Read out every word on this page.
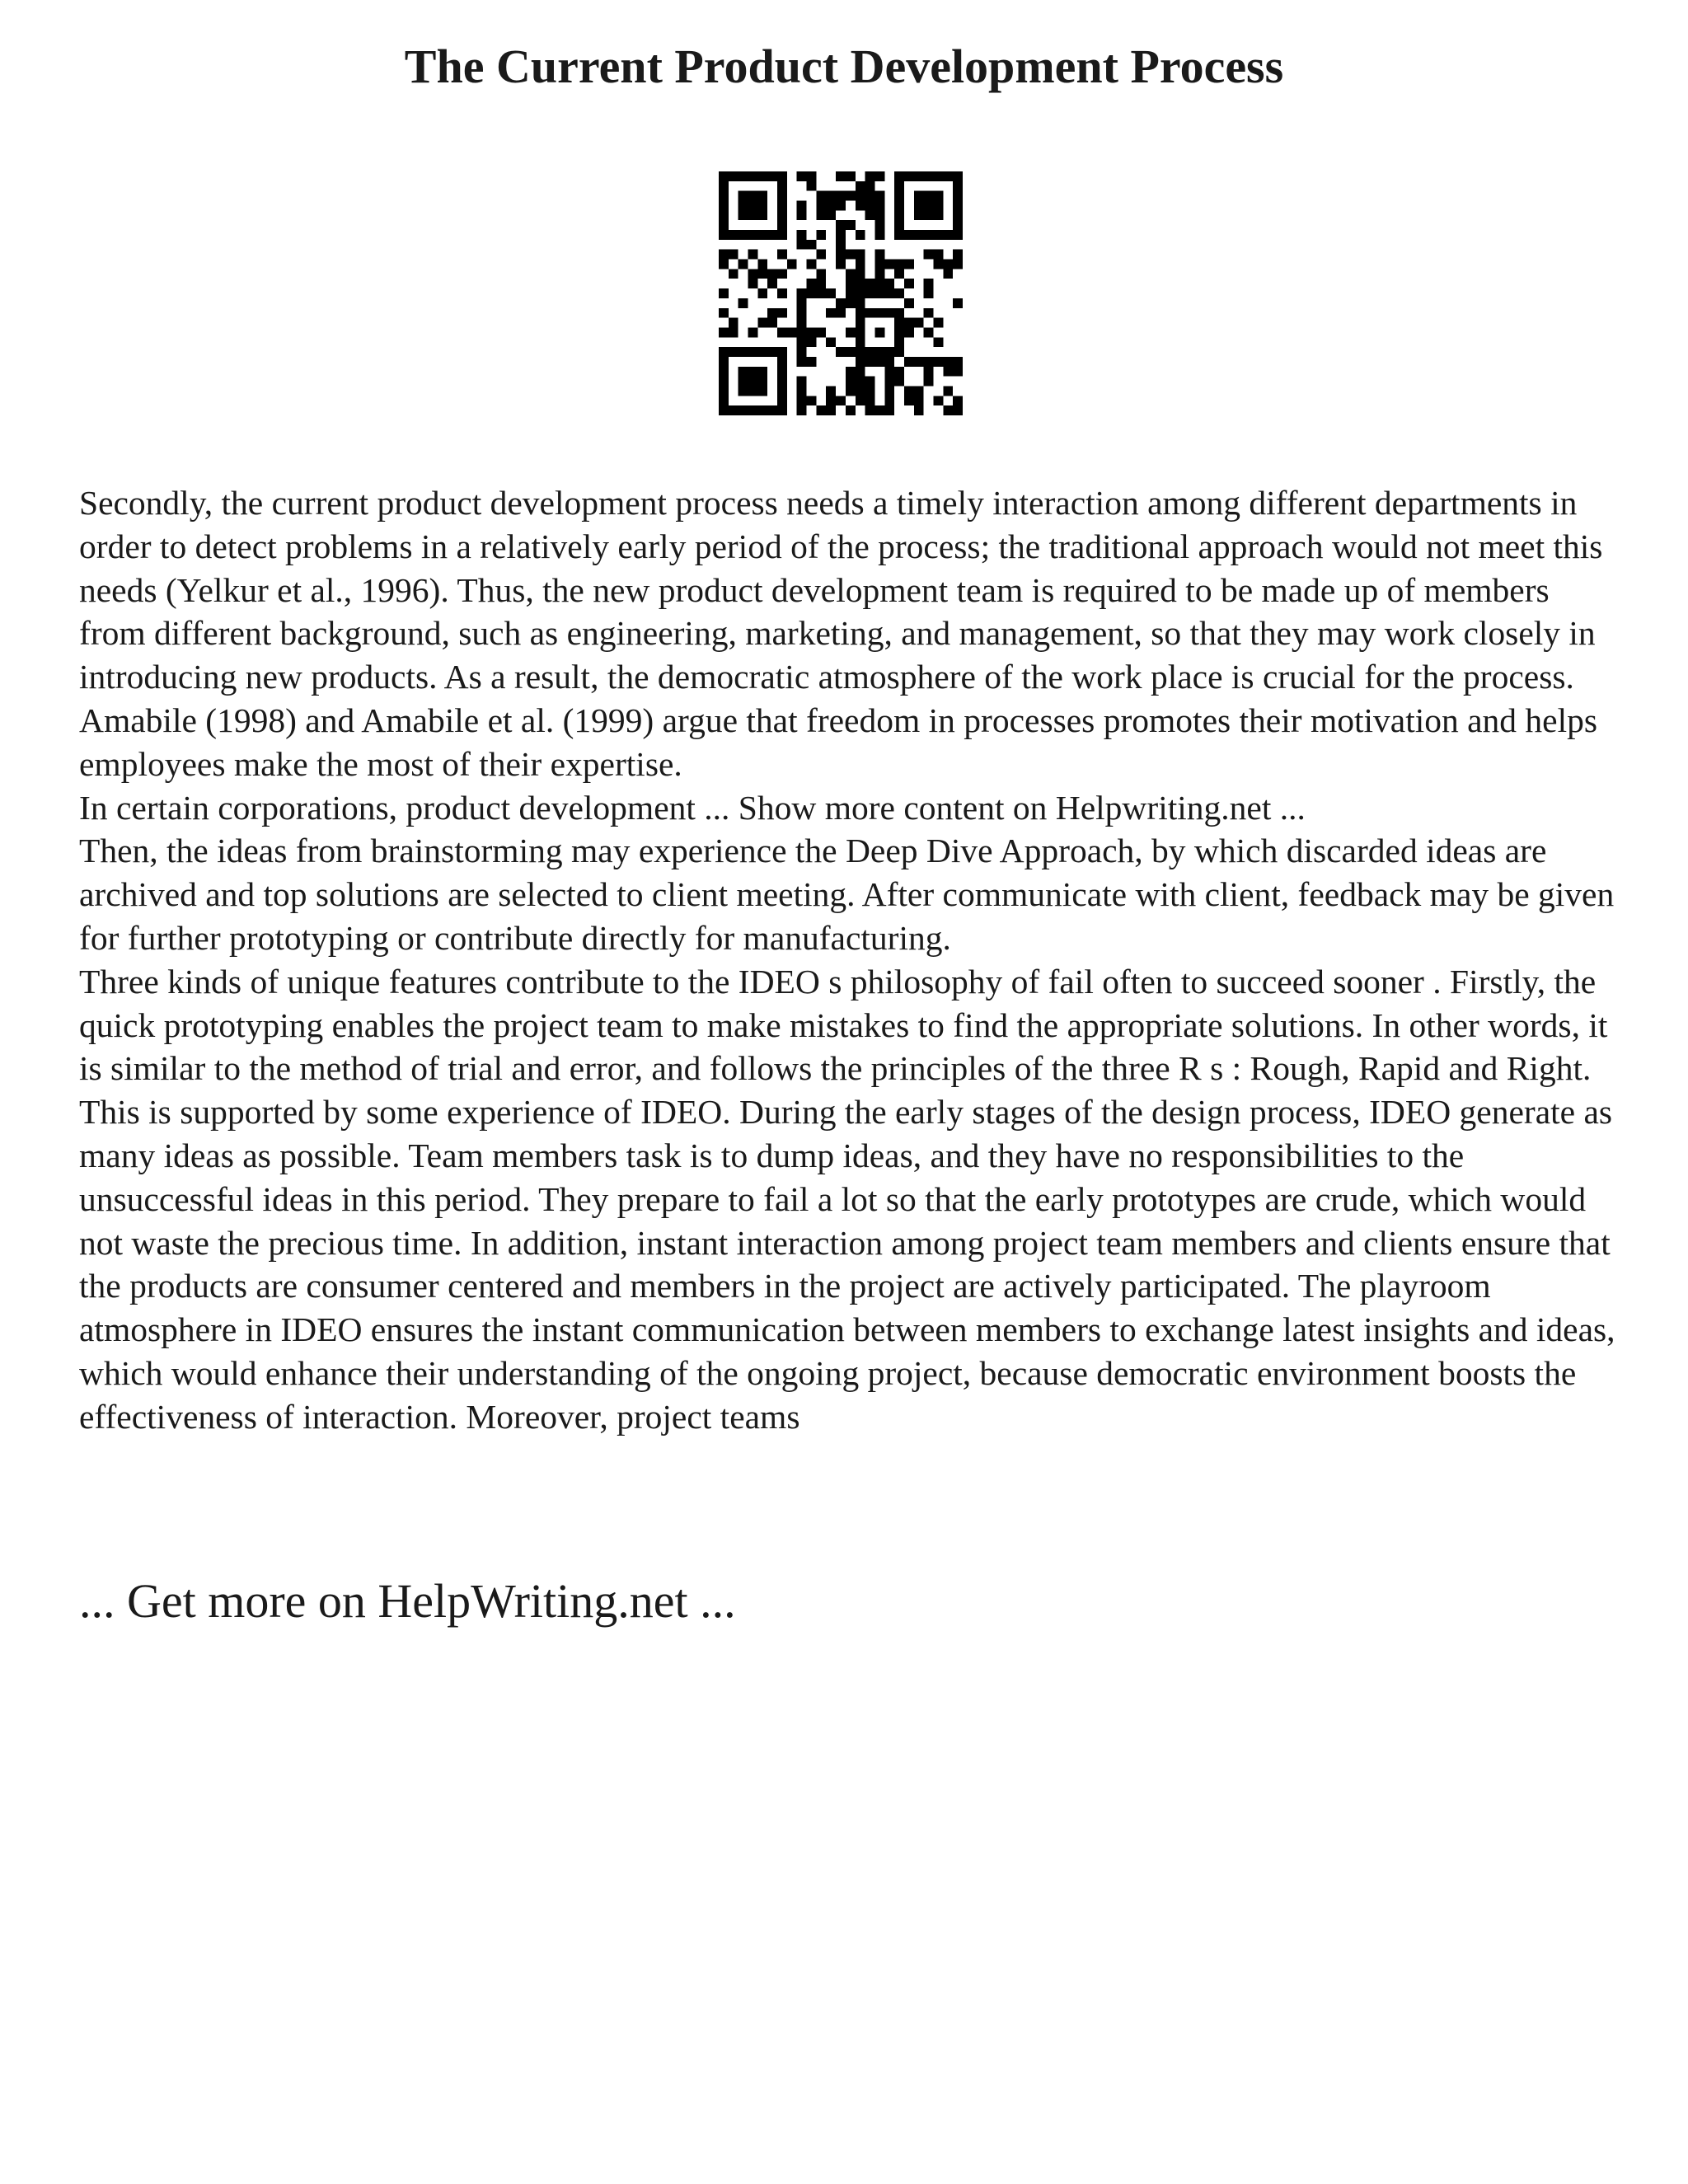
The Current Product Development Process

Secondly, the current product development process needs a timely interaction among different departments in order to detect problems in a relatively early period of the process; the traditional approach would not meet this needs (Yelkur et al., 1996). Thus, the new product development team is required to be made up of members from different background, such as engineering, marketing, and management, so that they may work closely in introducing new products. As a result, the democratic atmosphere of the work place is crucial for the process. Amabile (1998) and Amabile et al. (1999) argue that freedom in processes promotes their motivation and helps employees make the most of their expertise.

In certain corporations, product development ... Show more content on Helpwriting.net ...

Then, the ideas from brainstorming may experience the Deep Dive Approach, by which discarded ideas are archived and top solutions are selected to client meeting. After communicate with client, feedback may be given for further prototyping or contribute directly for manufacturing.

Three kinds of unique features contribute to the IDEO s philosophy of fail often to succeed sooner . Firstly, the quick prototyping enables the project team to make mistakes to find the appropriate solutions. In other words, it is similar to the method of trial and error, and follows the principles of the three R s : Rough, Rapid and Right. This is supported by some experience of IDEO. During the early stages of the design process, IDEO generate as many ideas as possible. Team members task is to dump ideas, and they have no responsibilities to the unsuccessful ideas in this period. They prepare to fail a lot so that the early prototypes are crude, which would not waste the precious time. In addition, instant interaction among project team members and clients ensure that the products are consumer centered and members in the project are actively participated. The playroom atmosphere in IDEO ensures the instant communication between members to exchange latest insights and ideas, which would enhance their understanding of the ongoing project, because democratic environment boosts the effectiveness of interaction. Moreover, project teams

... Get more on HelpWriting.net ...
